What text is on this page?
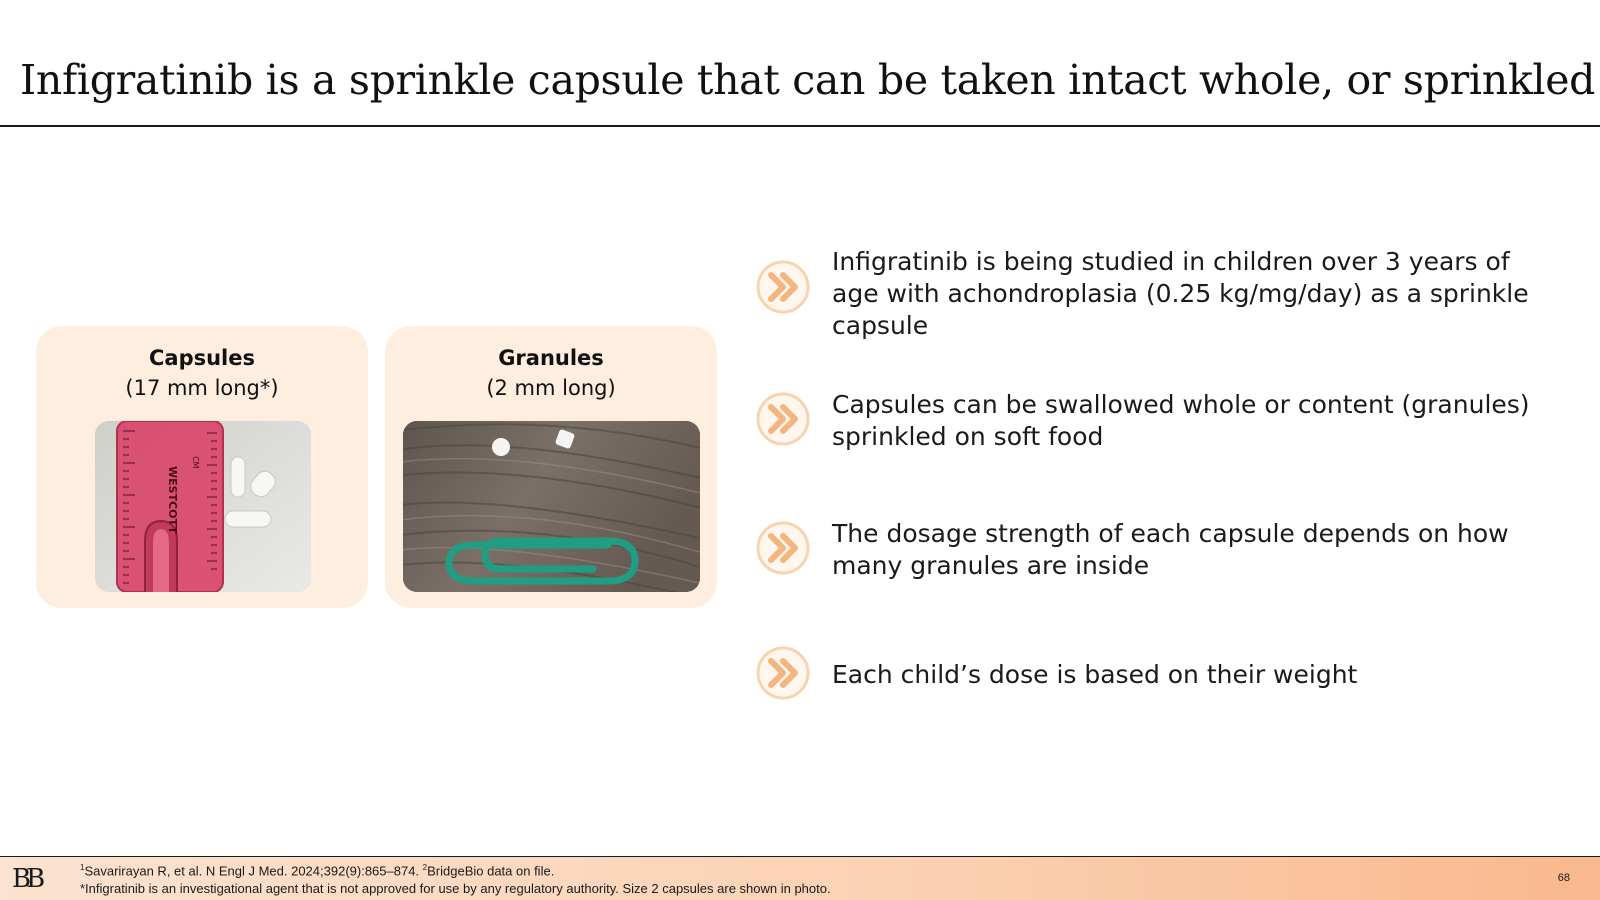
Infigratinib is a sprinkle capsule that can be taken intact whole, or sprinkled
Capsules
(17 mm long*)
WESTCOTT
CM
Granules
(2 mm long)
Infigratinib is being studied in children over 3 years of age with achondroplasia (0.25 kg/mg/day) as a sprinkle capsule
Capsules can be swallowed whole or content (granules) sprinkled on soft food
The dosage strength of each capsule depends on how many granules are inside
Each child’s dose is based on their weight
BB	$^1$Savarirayan R, et al. N Engl J Med. 2024;392(9):865–874. $^2$BridgeBio data on file.
*Infigratinib is an investigational agent that is not approved for use by any regulatory authority. Size 2 capsules are shown in photo.
68
